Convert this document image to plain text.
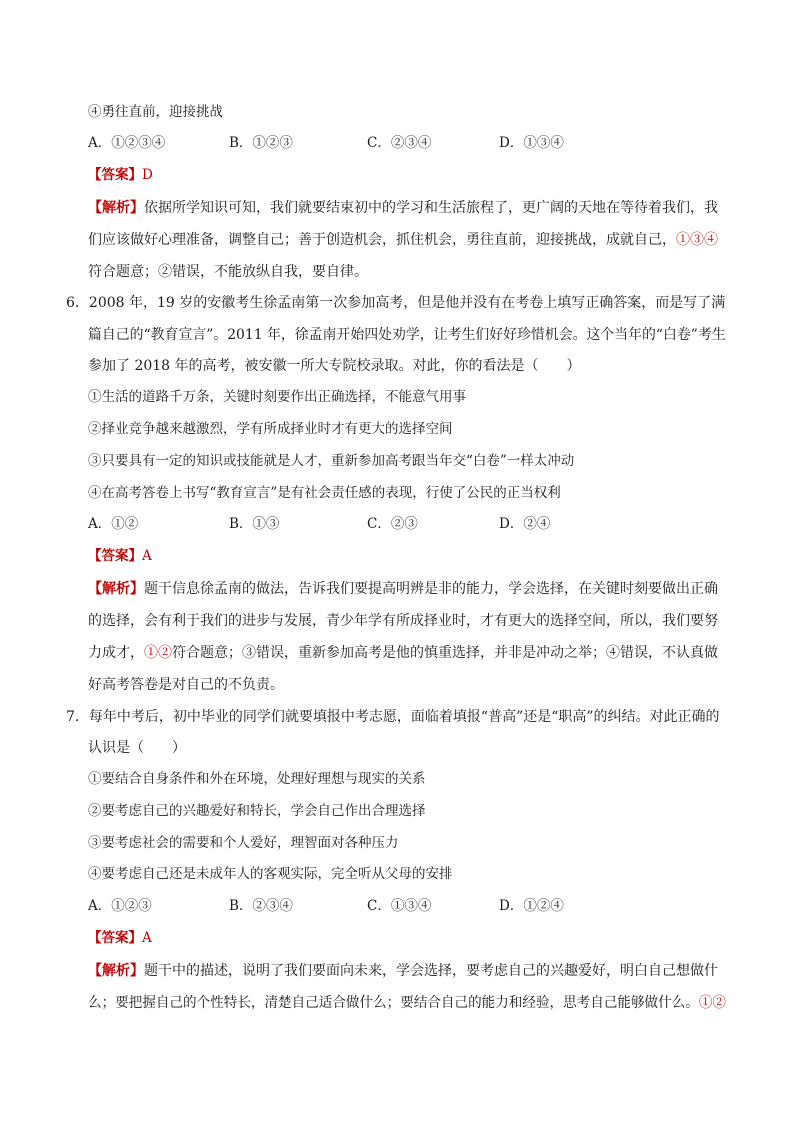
④勇往直前，迎接挑战
A．①②③④	B．①②③	C．②③④	D．①③④
【答案】D
【解析】依据所学知识可知，我们就要结束初中的学习和生活旅程了，更广阔的天地在等待着我们，我
们应该做好心理准备，调整自己；善于创造机会，抓住机会，勇往直前，迎接挑战，成就自己，①③④
符合题意；②错误，不能放纵自我，要自律。
6．2008 年，19 岁的安徽考生徐孟南第一次参加高考，但是他并没有在考卷上填写正确答案，而是写了满
篇自己的“教育宣言”。2011 年，徐孟南开始四处劝学，让考生们好好珍惜机会。这个当年的“白卷”考生
参加了 2018 年的高考，被安徽一所大专院校录取。对此，你的看法是（　　）
①生活的道路千万条，关键时刻要作出正确选择，不能意气用事
②择业竞争越来越激烈，学有所成择业时才有更大的选择空间
③只要具有一定的知识或技能就是人才，重新参加高考跟当年交“白卷”一样太冲动
④在高考答卷上书写“教育宣言”是有社会责任感的表现，行使了公民的正当权利
A．①②	B．①③	C．②③	D．②④
【答案】A
【解析】题干信息徐孟南的做法，告诉我们要提高明辨是非的能力，学会选择，在关键时刻要做出正确
的选择，会有利于我们的进步与发展，青少年学有所成择业时，才有更大的选择空间，所以，我们要努
力成才，①②符合题意；③错误，重新参加高考是他的慎重选择，并非是冲动之举；④错误，不认真做
好高考答卷是对自己的不负责。
7．每年中考后，初中毕业的同学们就要填报中考志愿，面临着填报“普高”还是“职高”的纠结。对此正确的
认识是（　　）
①要结合自身条件和外在环境，处理好理想与现实的关系
②要考虑自己的兴趣爱好和特长，学会自己作出合理选择
③要考虑社会的需要和个人爱好，理智面对各种压力
④要考虑自己还是未成年人的客观实际，完全听从父母的安排
A．①②③	B．②③④	C．①③④	D．①②④
【答案】A
【解析】题干中的描述，说明了我们要面向未来，学会选择，要考虑自己的兴趣爱好，明白自己想做什
么；要把握自己的个性特长，清楚自己适合做什么；要结合自己的能力和经验，思考自己能够做什么。①②
